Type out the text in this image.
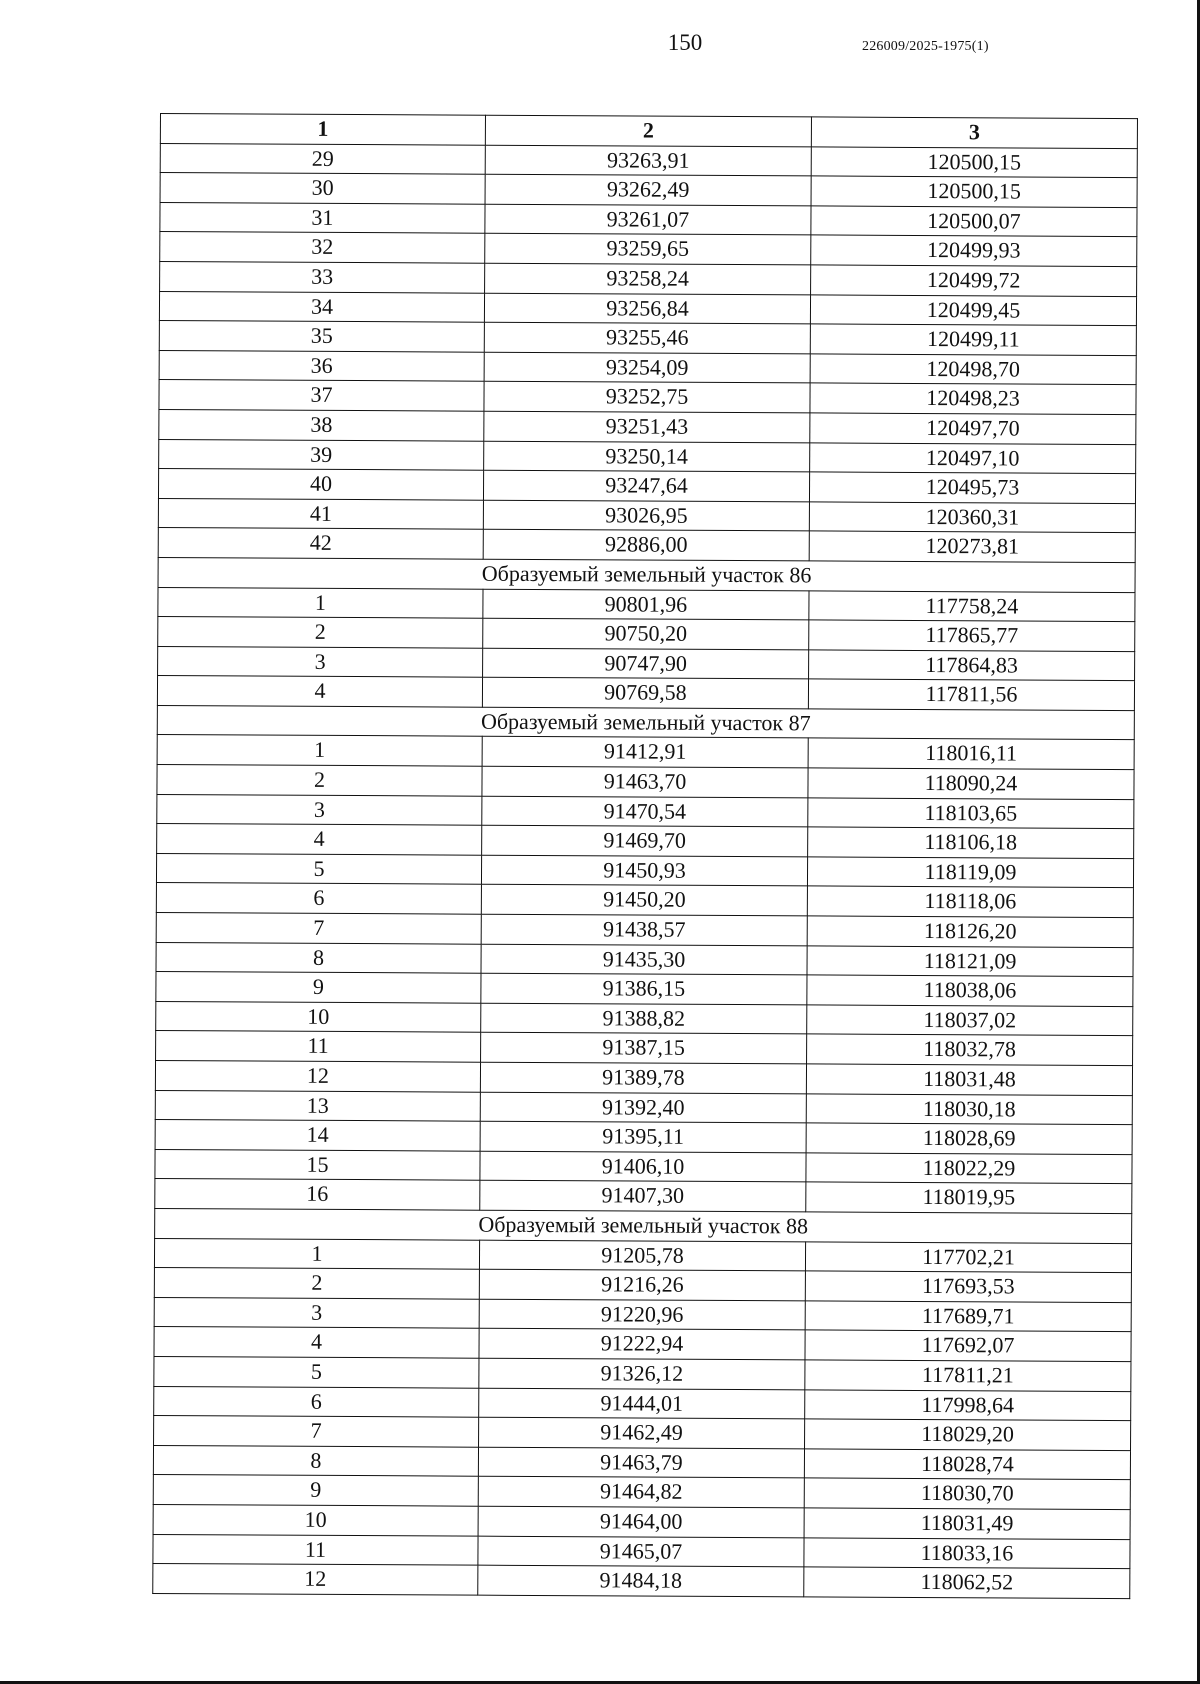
150	226009/2025-1975(1)
1	2	3
29	93263,91	120500,15
30	93262,49	120500,15
31	93261,07	120500,07
32	93259,65	120499,93
33	93258,24	120499,72
34	93256,84	120499,45
35	93255,46	120499,11
36	93254,09	120498,70
37	93252,75	120498,23
38	93251,43	120497,70
39	93250,14	120497,10
40	93247,64	120495,73
41	93026,95	120360,31
42	92886,00	120273,81
Образуемый земельный участок 86		
1	90801,96	117758,24
2	90750,20	117865,77
3	90747,90	117864,83
4	90769,58	117811,56
Образуемый земельный участок 87		
1	91412,91	118016,11
2	91463,70	118090,24
3	91470,54	118103,65
4	91469,70	118106,18
5	91450,93	118119,09
6	91450,20	118118,06
7	91438,57	118126,20
8	91435,30	118121,09
9	91386,15	118038,06
10	91388,82	118037,02
11	91387,15	118032,78
12	91389,78	118031,48
13	91392,40	118030,18
14	91395,11	118028,69
15	91406,10	118022,29
16	91407,30	118019,95
Образуемый земельный участок 88		
1	91205,78	117702,21
2	91216,26	117693,53
3	91220,96	117689,71
4	91222,94	117692,07
5	91326,12	117811,21
6	91444,01	117998,64
7	91462,49	118029,20
8	91463,79	118028,74
9	91464,82	118030,70
10	91464,00	118031,49
11	91465,07	118033,16
12	91484,18	118062,52
